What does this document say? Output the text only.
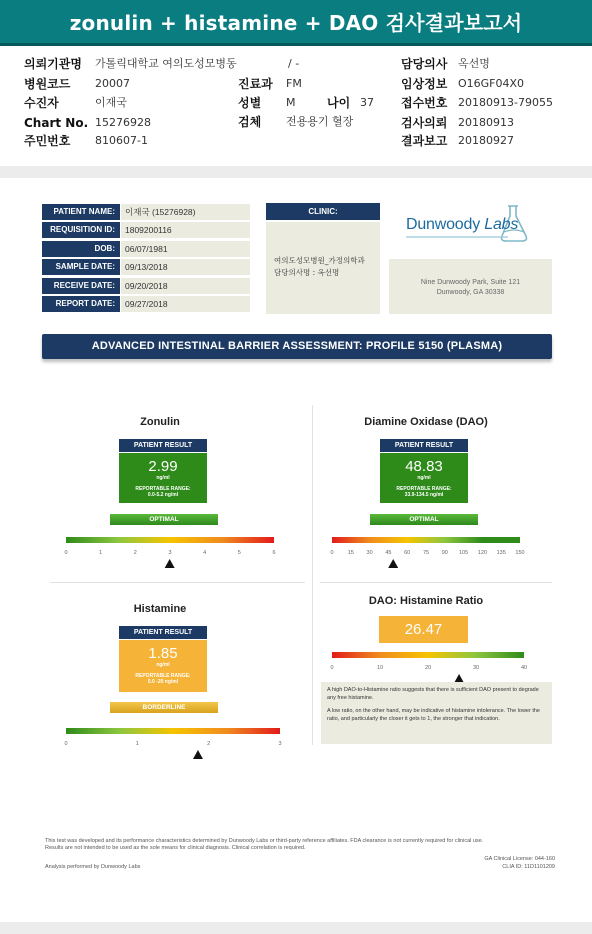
zonulin + histamine + DAO 검사결과보고서
의뢰기관명 가톨릭대학교 여의도성모병동	/ -	담당의사 옥선명
병원코드 20007	진료과 FM	임상정보 O16GF04X0
수진자	이재국	성별 M	나이 37 접수번호 20180913-79055
Chart No. 15276928	검체 전용용기 혈장	검사의뢰 20180913
주민번호 810607-1	결과보고 20180927
PATIENT NAME:	이재국 (15276928)
REQUISITION ID:	1809200116
DOB:	06/07/1981
SAMPLE DATE:	09/13/2018
RECEIVE DATE:	09/20/2018
REPORT DATE:	09/27/2018
CLINIC:
여의도성모병원_가정의학과
담당의사명 : 옥선명
Dunwoody Labs
Nine Dunwoody Park, Suite 121
Dunwoody, GA 30338
ADVANCED INTESTINAL BARRIER ASSESSMENT: PROFILE 5150 (PLASMA)
Zonulin
PATIENT RESULT
2.99
ng/ml
REPORTABLE RANGE:
0.0-5.2 ng/ml
OPTIMAL
0	1	2	3	4	5	6
Diamine Oxidase (DAO)
PATIENT RESULT
48.83
ng/ml
REPORTABLE RANGE:
33.9-134.5 ng/ml
OPTIMAL
0	15 30 45 60 75 90 105 120 135 150
Histamine
PATIENT RESULT
1.85
ng/ml
REPORTABLE RANGE:
0.0 -20 ng/ml
BORDERLINE
0	1	2	3
DAO: Histamine Ratio
26.47
0	10	20	30	40

A high DAO-to-Histamine ratio suggests that there is sufficient DAO present to degrade any free histamine.

A low ratio, on the other hand, may be indicative of histamine intolerance. The lower the ratio, and particularly the closer it gets to 1, the stronger that indication.

This test was developed and its performance characteristics determined by Dunwoody Labs or third-party reference affiliates. FDA clearance is not currently required for clinical use.
Results are not intended to be used as the sole means for clinical diagnosis. Clinical correlation is required.
GA Clinical License: 044-160
Analysis performed by Dunwoody Labs	CLIA ID: 11D1101209
